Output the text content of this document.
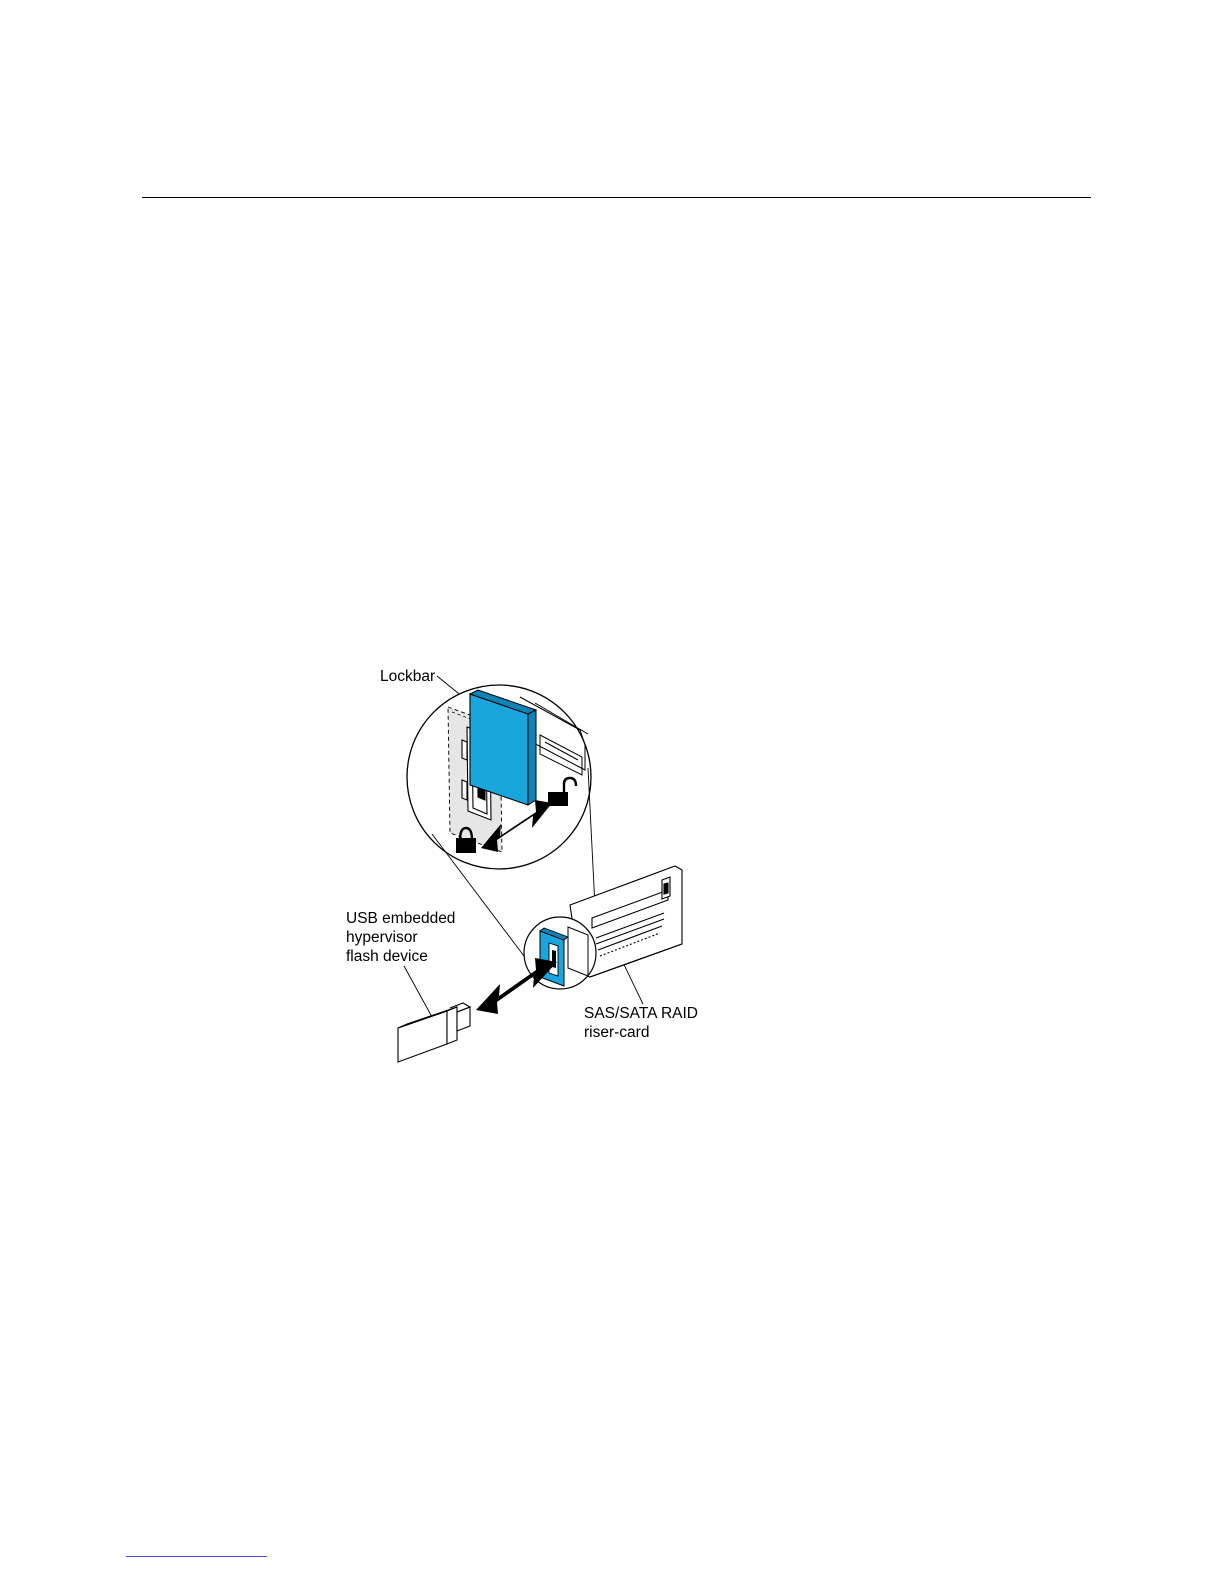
Lockbar
USB embedded
hypervisor
flash device
SAS/SATA RAID
riser-card
